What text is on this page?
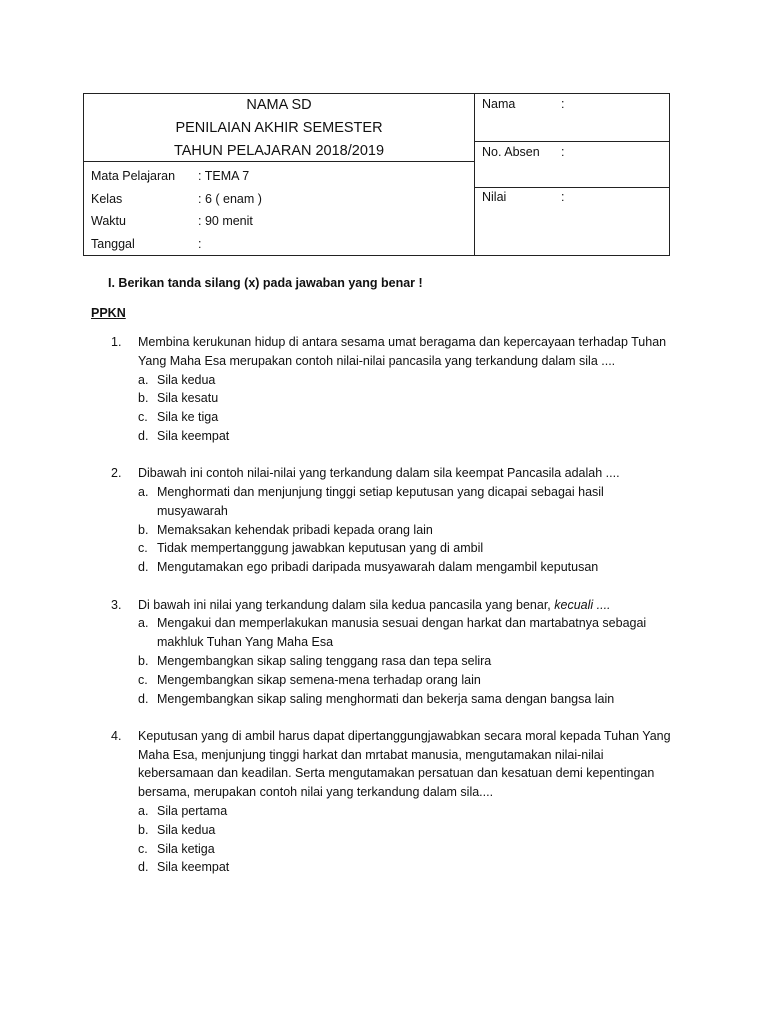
NAMA SD
PENILAIAN AKHIR SEMESTER
TAHUN PELAJARAN 2018/2019
Mata Pelajaran : TEMA 7
Kelas	: 6 ( enam )
Waktu	: 90 menit
Tanggal	:
Nama	:
No. Absen :
Nilai	:
I. Berikan tanda silang (x) pada jawaban yang benar !
PPKN
1. Membina kerukunan hidup di antara sesama umat beragama dan kepercayaan terhadap Tuhan
Yang Maha Esa merupakan contoh nilai-nilai pancasila yang terkandung dalam sila ....
a. Sila kedua
b. Sila kesatu
c. Sila ke tiga
d. Sila keempat
2. Dibawah ini contoh nilai-nilai yang terkandung dalam sila keempat Pancasila adalah ....
a. Menghormati dan menjunjung tinggi setiap keputusan yang dicapai sebagai hasil
musyawarah
b. Memaksakan kehendak pribadi kepada orang lain
c. Tidak mempertanggung jawabkan keputusan yang di ambil
d. Mengutamakan ego pribadi daripada musyawarah dalam mengambil keputusan
3. Di bawah ini nilai yang terkandung dalam sila kedua pancasila yang benar, kecuali ....
a. Mengakui dan memperlakukan manusia sesuai dengan harkat dan martabatnya sebagai
makhluk Tuhan Yang Maha Esa
b. Mengembangkan sikap saling tenggang rasa dan tepa selira
c. Mengembangkan sikap semena-mena terhadap orang lain
d. Mengembangkan sikap saling menghormati dan bekerja sama dengan bangsa lain
4. Keputusan yang di ambil harus dapat dipertanggungjawabkan secara moral kepada Tuhan Yang
Maha Esa, menjunjung tinggi harkat dan mrtabat manusia, mengutamakan nilai-nilai
kebersamaan dan keadilan. Serta mengutamakan persatuan dan kesatuan demi kepentingan
bersama, merupakan contoh nilai yang terkandung dalam sila....
a. Sila pertama
b. Sila kedua
c. Sila ketiga
d. Sila keempat
